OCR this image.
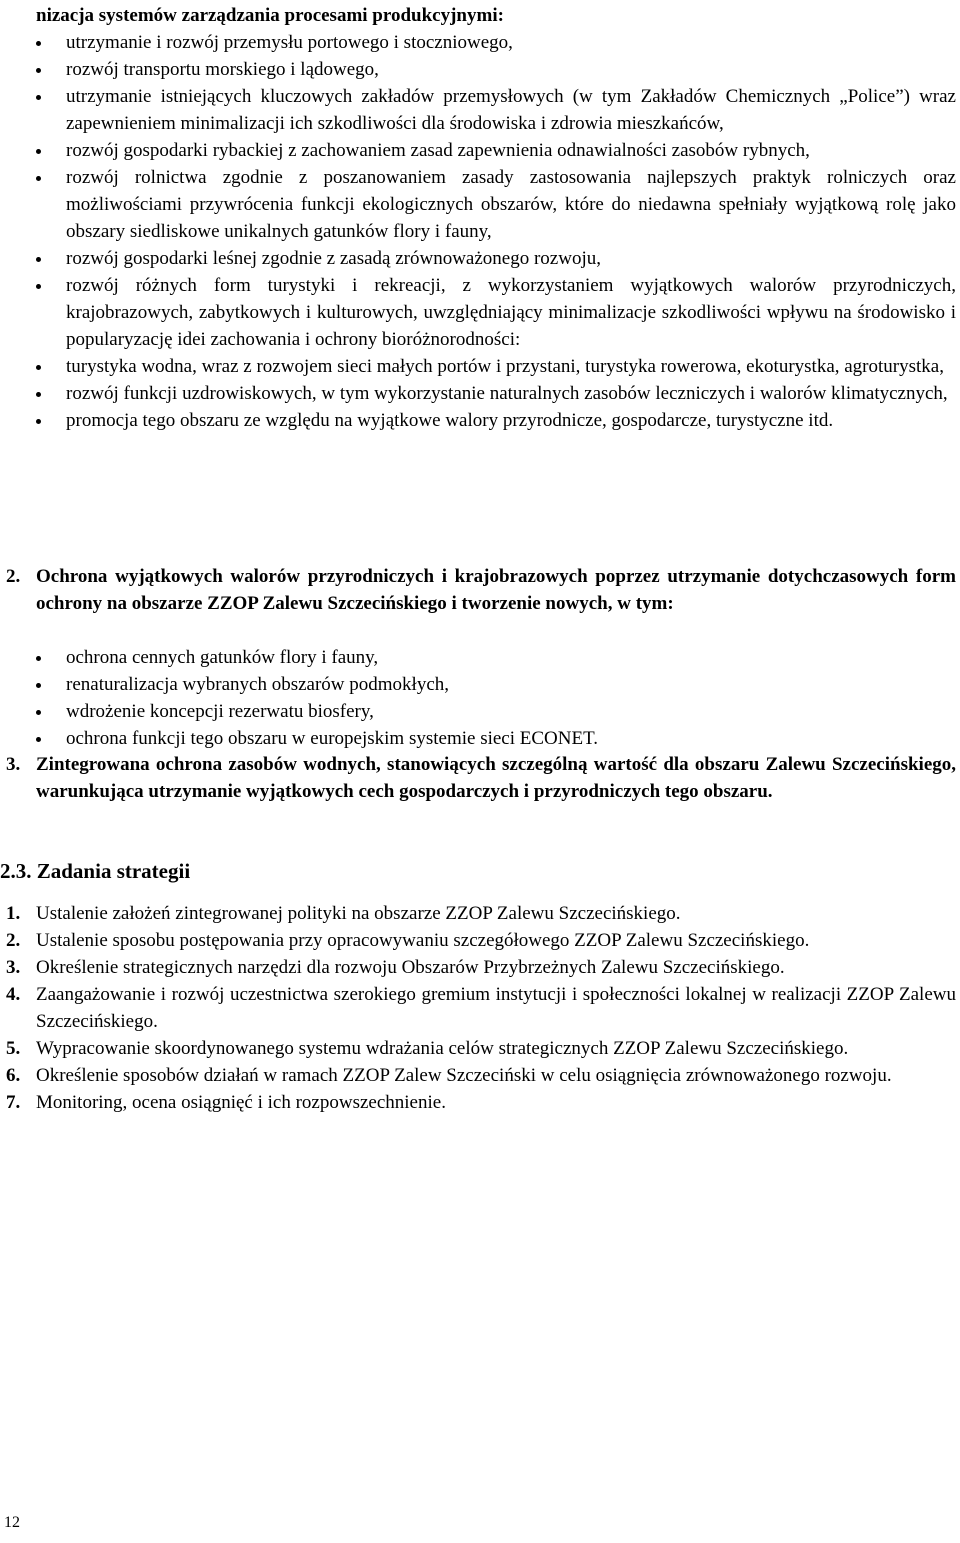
nizacja systemów zarządzania procesami produkcyjnymi:
utrzymanie i rozwój przemysłu portowego i stoczniowego,
rozwój transportu morskiego i lądowego,
utrzymanie istniejących kluczowych zakładów przemysłowych (w tym Zakładów Chemicznych „Police”) wraz zapewnieniem minimalizacji ich szkodliwości dla środowiska i zdrowia mieszkańców,
rozwój gospodarki rybackiej z zachowaniem zasad zapewnienia odnawialności zasobów rybnych,
rozwój rolnictwa zgodnie z poszanowaniem zasady zastosowania najlepszych praktyk rolniczych oraz możliwościami przywrócenia funkcji ekologicznych obszarów, które do niedawna spełniały wyjątkową rolę jako obszary siedliskowe unikalnych gatunków flory i fauny,
rozwój gospodarki leśnej zgodnie z zasadą zrównoważonego rozwoju,
rozwój różnych form turystyki i rekreacji, z wykorzystaniem wyjątkowych walorów przyrodniczych, krajobrazowych, zabytkowych i kulturowych, uwzględniający minimalizacje szkodliwości wpływu na środowisko i popularyzację idei zachowania i ochrony bioróżnorodności:
turystyka wodna, wraz z rozwojem sieci małych portów i przystani, turystyka rowerowa, ekoturystka, agroturystka,
rozwój funkcji uzdrowiskowych, w tym wykorzystanie naturalnych zasobów leczniczych i walorów klimatycznych,
promocja tego obszaru ze względu na wyjątkowe walory przyrodnicze, gospodarcze, turystyczne itd.
2. Ochrona wyjątkowych walorów przyrodniczych i krajobrazowych poprzez utrzymanie dotychczasowych form ochrony na obszarze ZZOP Zalewu Szczecińskiego i tworzenie nowych, w tym:
ochrona cennych gatunków flory i fauny,
renaturalizacja wybranych obszarów podmokłych,
wdrożenie koncepcji rezerwatu biosfery,
ochrona funkcji tego obszaru w europejskim systemie sieci ECONET.
3. Zintegrowana ochrona zasobów wodnych, stanowiących szczególną wartość dla obszaru Zalewu Szczecińskiego, warunkująca utrzymanie wyjątkowych cech gospodarczych i przyrodniczych tego obszaru.
2.3. Zadania strategii
1. Ustalenie założeń zintegrowanej polityki na obszarze ZZOP Zalewu Szczecińskiego.
2. Ustalenie sposobu postępowania przy opracowywaniu szczegółowego ZZOP Zalewu Szczecińskiego.
3. Określenie strategicznych narzędzi dla rozwoju Obszarów Przybrzeżnych Zalewu Szczecińskiego.
4. Zaangażowanie i rozwój uczestnictwa szerokiego gremium instytucji i społeczności lokalnej w realizacji ZZOP Zalewu Szczecińskiego.
5. Wypracowanie skoordynowanego systemu wdrażania celów strategicznych ZZOP Zalewu Szczecińskiego.
6. Określenie sposobów działań w ramach ZZOP Zalew Szczeciński w celu osiągnięcia zrównoważonego rozwoju.
7. Monitoring, ocena osiągnięć i ich rozpowszechnienie.
12
